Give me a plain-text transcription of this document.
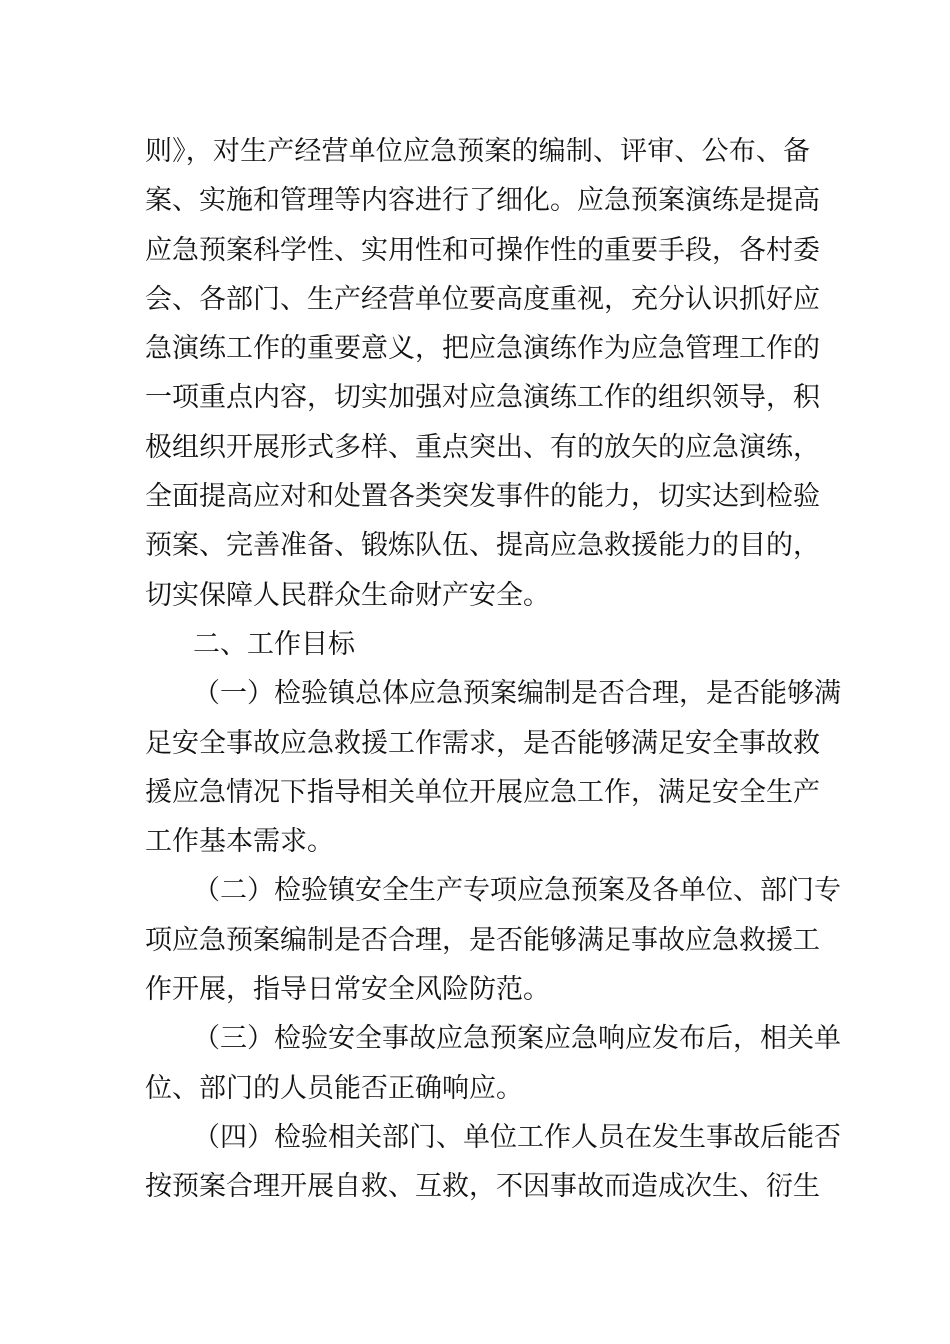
则》，对生产经营单位应急预案的编制、评审、公布、备
案、实施和管理等内容进行了细化。应急预案演练是提高
应急预案科学性、实用性和可操作性的重要手段，各村委
会、各部门、生产经营单位要高度重视，充分认识抓好应
急演练工作的重要意义，把应急演练作为应急管理工作的
一项重点内容，切实加强对应急演练工作的组织领导，积
极组织开展形式多样、重点突出、有的放矢的应急演练，
全面提高应对和处置各类突发事件的能力，切实达到检验
预案、完善准备、锻炼队伍、提高应急救援能力的目的，
切实保障人民群众生命财产安全。
二、工作目标
（一）检验镇总体应急预案编制是否合理，是否能够满
足安全事故应急救援工作需求，是否能够满足安全事故救
援应急情况下指导相关单位开展应急工作，满足安全生产
工作基本需求。
（二）检验镇安全生产专项应急预案及各单位、部门专
项应急预案编制是否合理，是否能够满足事故应急救援工
作开展，指导日常安全风险防范。
（三）检验安全事故应急预案应急响应发布后，相关单
位、部门的人员能否正确响应。
（四）检验相关部门、单位工作人员在发生事故后能否
按预案合理开展自救、互救，不因事故而造成次生、衍生
